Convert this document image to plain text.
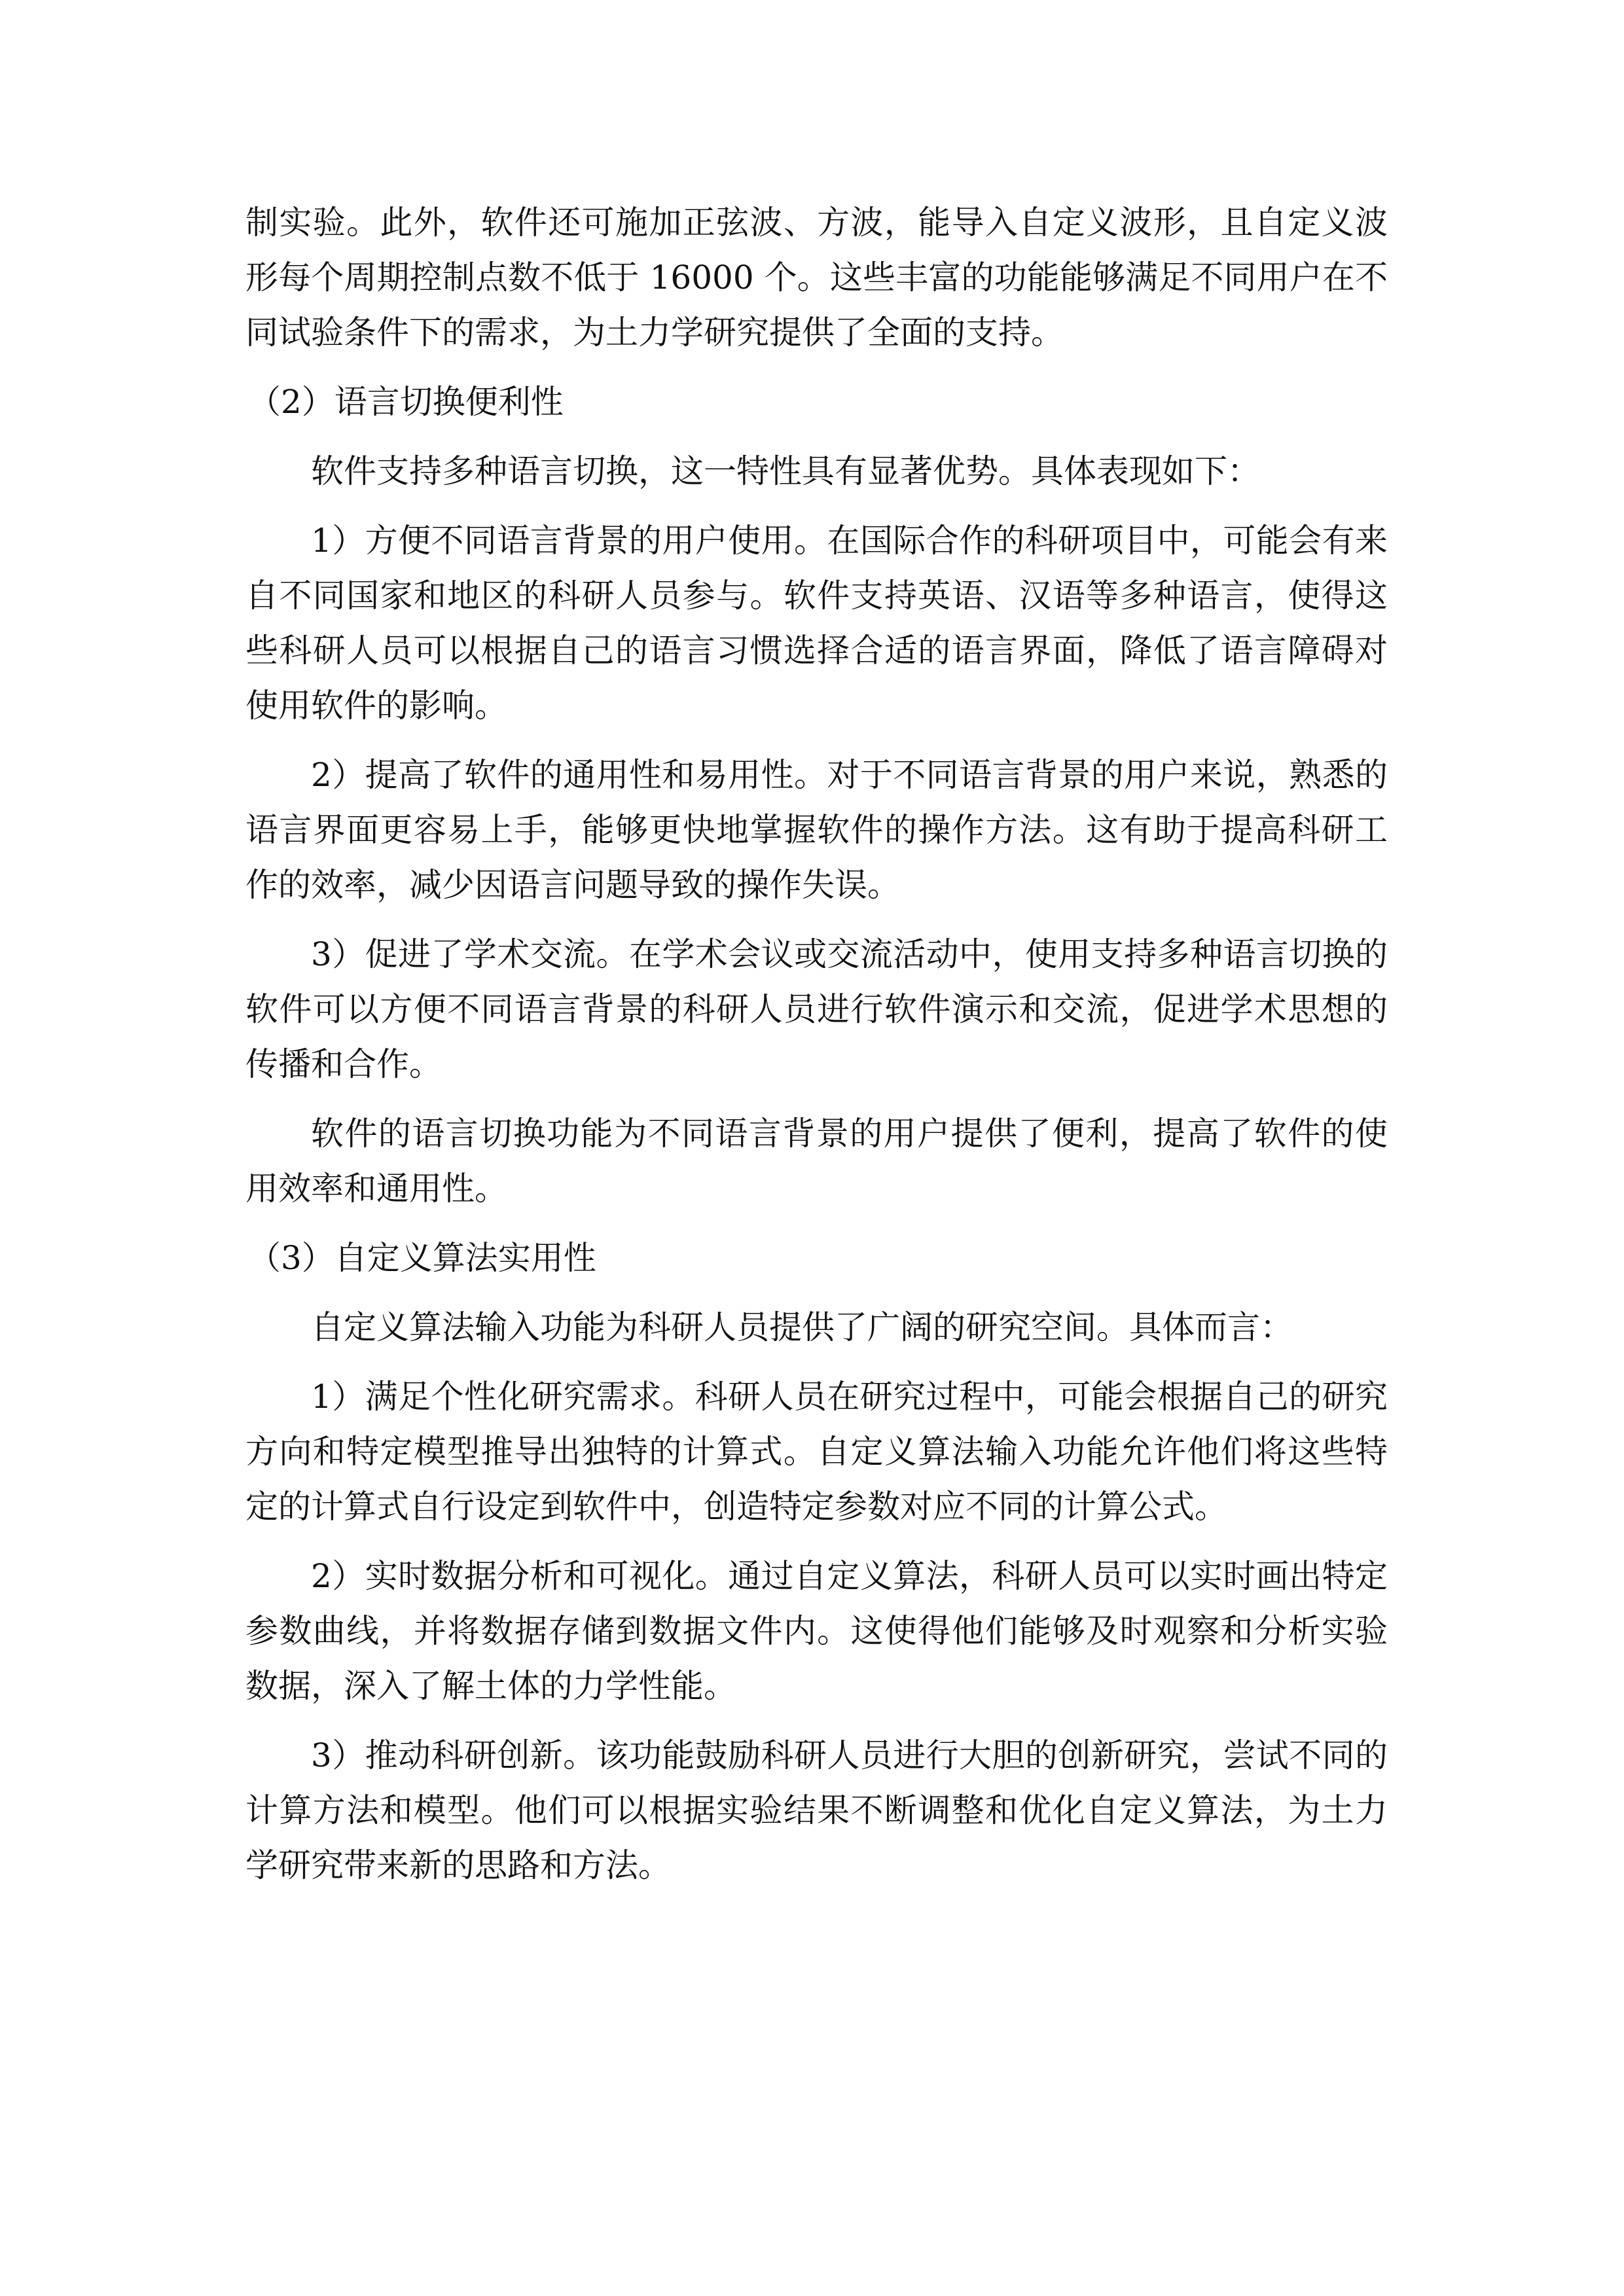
制实验。此外，软件还可施加正弦波、方波，能导入自定义波形，且自定义波形每个周期控制点数不低于 16000 个。这些丰富的功能能够满足不同用户在不同试验条件下的需求，为土力学研究提供了全面的支持。

（2）语言切换便利性

软件支持多种语言切换，这一特性具有显著优势。具体表现如下：

1）方便不同语言背景的用户使用。在国际合作的科研项目中，可能会有来自不同国家和地区的科研人员参与。软件支持英语、汉语等多种语言，使得这些科研人员可以根据自己的语言习惯选择合适的语言界面，降低了语言障碍对使用软件的影响。

2）提高了软件的通用性和易用性。对于不同语言背景的用户来说，熟悉的语言界面更容易上手，能够更快地掌握软件的操作方法。这有助于提高科研工作的效率，减少因语言问题导致的操作失误。

3）促进了学术交流。在学术会议或交流活动中，使用支持多种语言切换的软件可以方便不同语言背景的科研人员进行软件演示和交流，促进学术思想的传播和合作。

软件的语言切换功能为不同语言背景的用户提供了便利，提高了软件的使用效率和通用性。

（3）自定义算法实用性

自定义算法输入功能为科研人员提供了广阔的研究空间。具体而言：

1）满足个性化研究需求。科研人员在研究过程中，可能会根据自己的研究方向和特定模型推导出独特的计算式。自定义算法输入功能允许他们将这些特定的计算式自行设定到软件中，创造特定参数对应不同的计算公式。

2）实时数据分析和可视化。通过自定义算法，科研人员可以实时画出特定参数曲线，并将数据存储到数据文件内。这使得他们能够及时观察和分析实验数据，深入了解土体的力学性能。

3）推动科研创新。该功能鼓励科研人员进行大胆的创新研究，尝试不同的计算方法和模型。他们可以根据实验结果不断调整和优化自定义算法，为土力学研究带来新的思路和方法。
